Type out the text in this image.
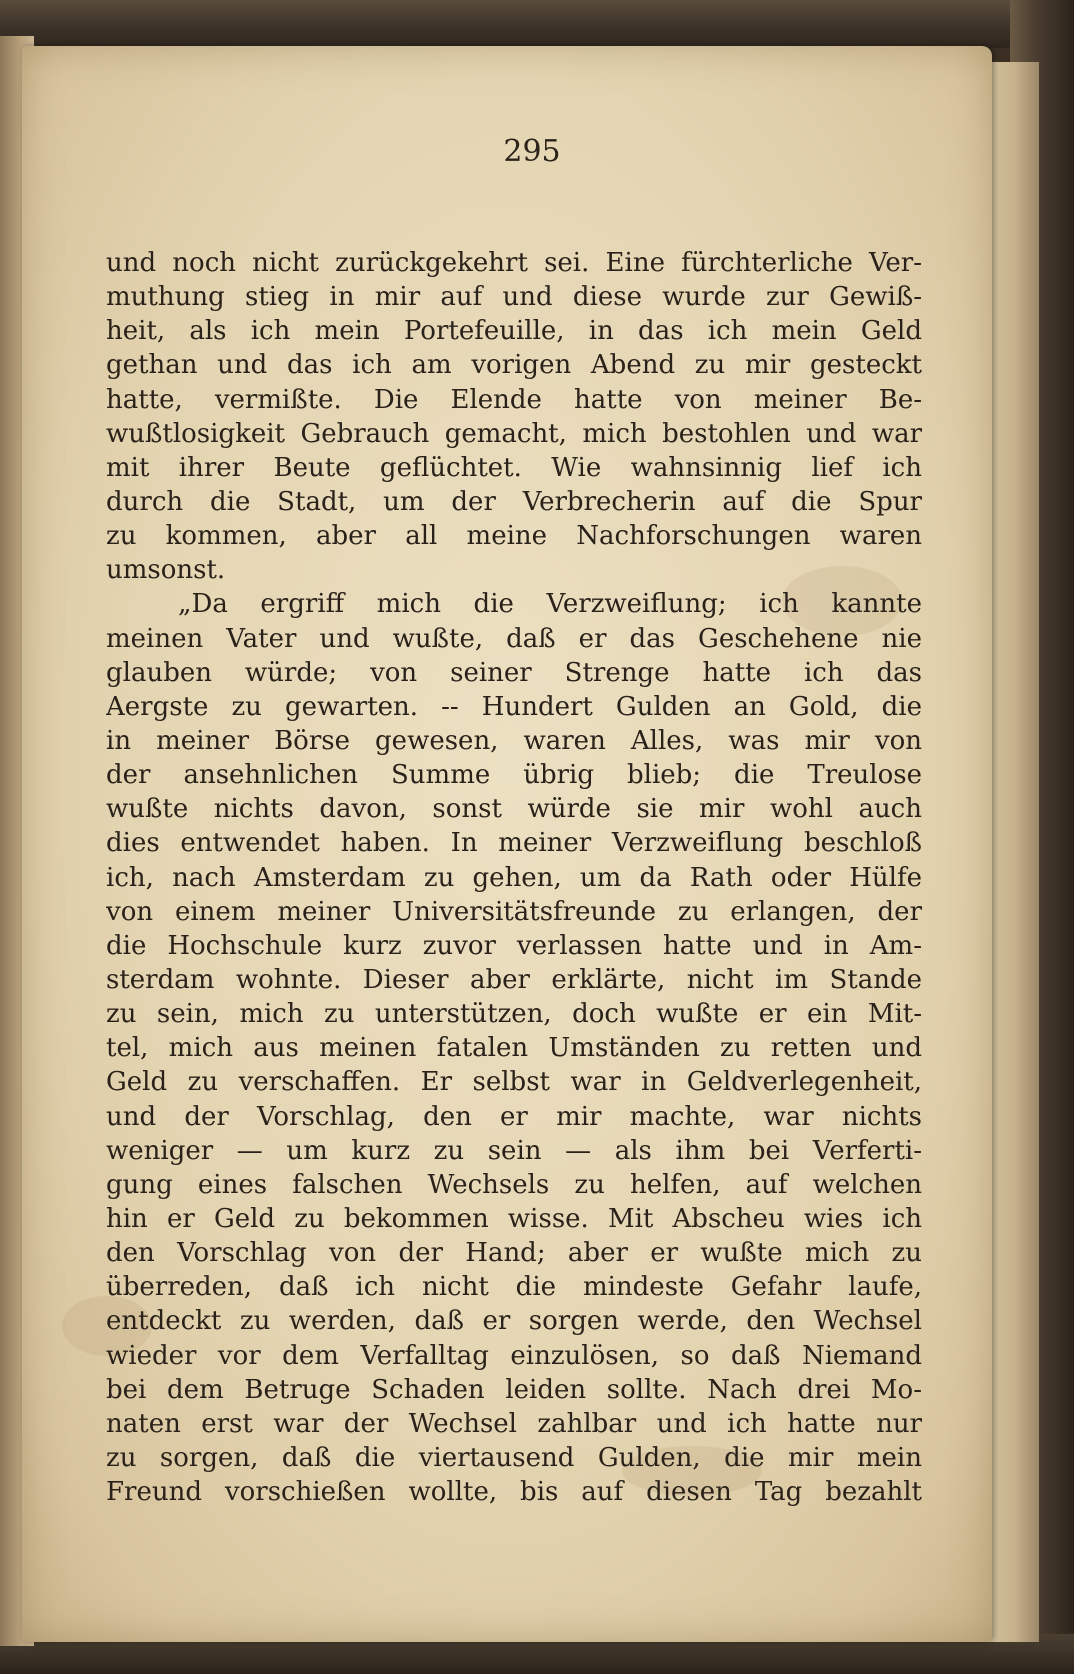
295

und noch nicht zurückgekehrt sei. Eine fürchterliche Ver-
muthung stieg in mir auf und diese wurde zur Gewiß-
heit, als ich mein Portefeuille, in das ich mein Geld
gethan und das ich am vorigen Abend zu mir gesteckt
hatte, vermißte. Die Elende hatte von meiner Be-
wußtlosigkeit Gebrauch gemacht, mich bestohlen und war
mit ihrer Beute geflüchtet. Wie wahnsinnig lief ich
durch die Stadt, um der Verbrecherin auf die Spur
zu kommen, aber all meine Nachforschungen waren
umsonst.
„Da ergriff mich die Verzweiflung; ich kannte
meinen Vater und wußte, daß er das Geschehene nie
glauben würde; von seiner Strenge hatte ich das
Aergste zu gewarten. -- Hundert Gulden an Gold, die
in meiner Börse gewesen, waren Alles, was mir von
der ansehnlichen Summe übrig blieb; die Treulose
wußte nichts davon, sonst würde sie mir wohl auch
dies entwendet haben. In meiner Verzweiflung beschloß
ich, nach Amsterdam zu gehen, um da Rath oder Hülfe
von einem meiner Universitätsfreunde zu erlangen, der
die Hochschule kurz zuvor verlassen hatte und in Am-
sterdam wohnte. Dieser aber erklärte, nicht im Stande
zu sein, mich zu unterstützen, doch wußte er ein Mit-
tel, mich aus meinen fatalen Umständen zu retten und
Geld zu verschaffen. Er selbst war in Geldverlegenheit,
und der Vorschlag, den er mir machte, war nichts
weniger — um kurz zu sein — als ihm bei Verferti-
gung eines falschen Wechsels zu helfen, auf welchen
hin er Geld zu bekommen wisse. Mit Abscheu wies ich
den Vorschlag von der Hand; aber er wußte mich zu
überreden, daß ich nicht die mindeste Gefahr laufe,
entdeckt zu werden, daß er sorgen werde, den Wechsel
wieder vor dem Verfalltag einzulösen, so daß Niemand
bei dem Betruge Schaden leiden sollte. Nach drei Mo-
naten erst war der Wechsel zahlbar und ich hatte nur
zu sorgen, daß die viertausend Gulden, die mir mein
Freund vorschießen wollte, bis auf diesen Tag bezahlt
